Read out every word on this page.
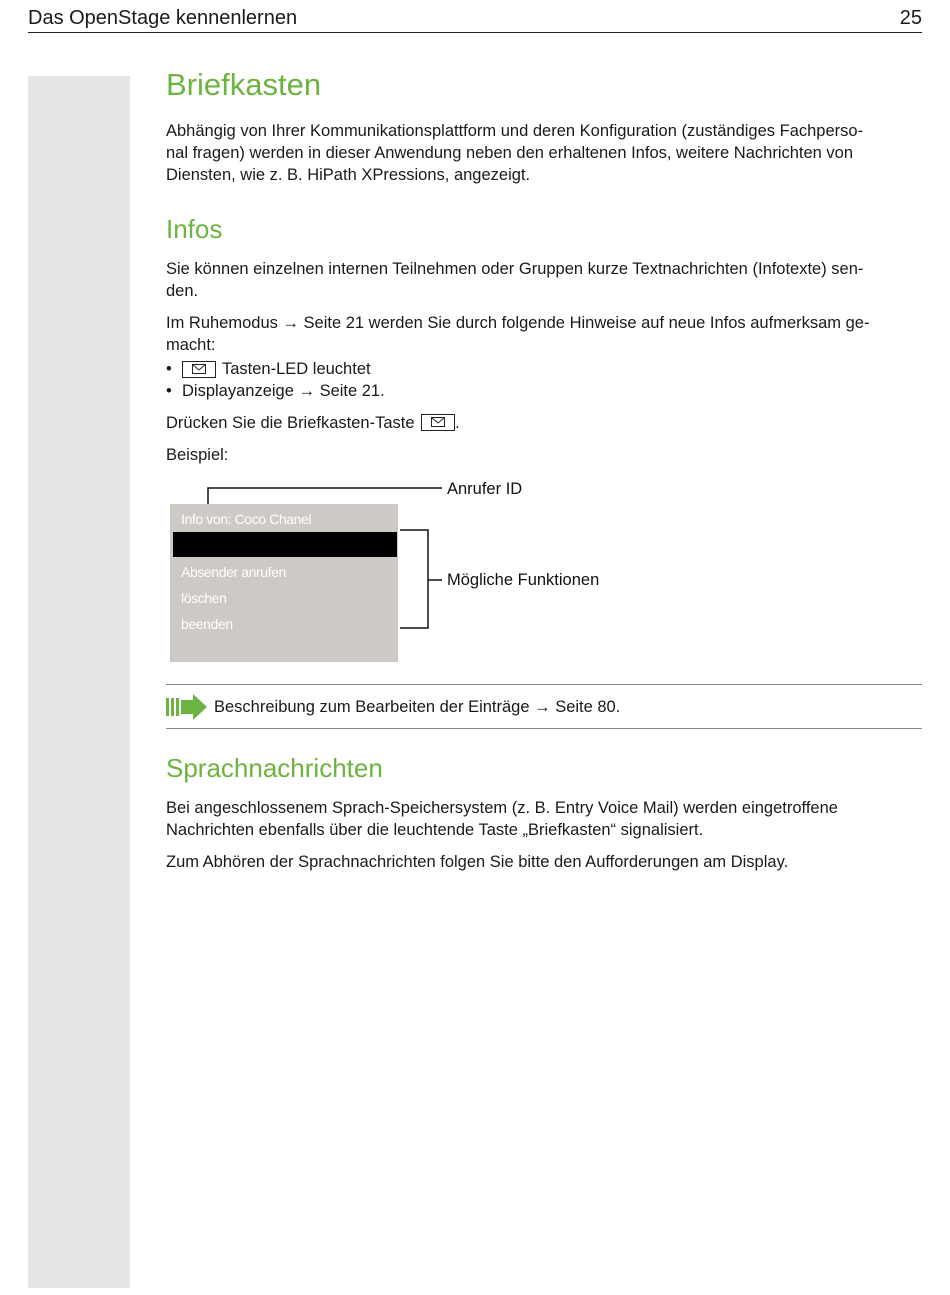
Das OpenStage kennenlernen	25
Briefkasten

Abhängig von Ihrer Kommunikationsplattform und deren Konfiguration (zuständiges Fachperso-
nal fragen) werden in dieser Anwendung neben den erhaltenen Infos, weitere Nachrichten von
Diensten, wie z. B. HiPath XPressions, angezeigt.

Infos

Sie können einzelnen internen Teilnehmen oder Gruppen kurze Textnachrichten (Infotexte) sen-
den.

Im Ruhemodus → Seite 21 werden Sie durch folgende Hinweise auf neue Infos aufmerksam ge-
macht:

•	Tasten-LED leuchtet
• Displayanzeige → Seite 21.

Drücken Sie die Briefkasten-Taste .

Beispiel:

Info von: Coco Chanel
Absender anrufen
löschen
beenden
Anrufer ID
Mögliche Funktionen
Beschreibung zum Bearbeiten der Einträge → Seite 80.
Sprachnachrichten

Bei angeschlossenem Sprach-Speichersystem (z. B. Entry Voice Mail) werden eingetroffene
Nachrichten ebenfalls über die leuchtende Taste „Briefkasten“ signalisiert.

Zum Abhören der Sprachnachrichten folgen Sie bitte den Aufforderungen am Display.
